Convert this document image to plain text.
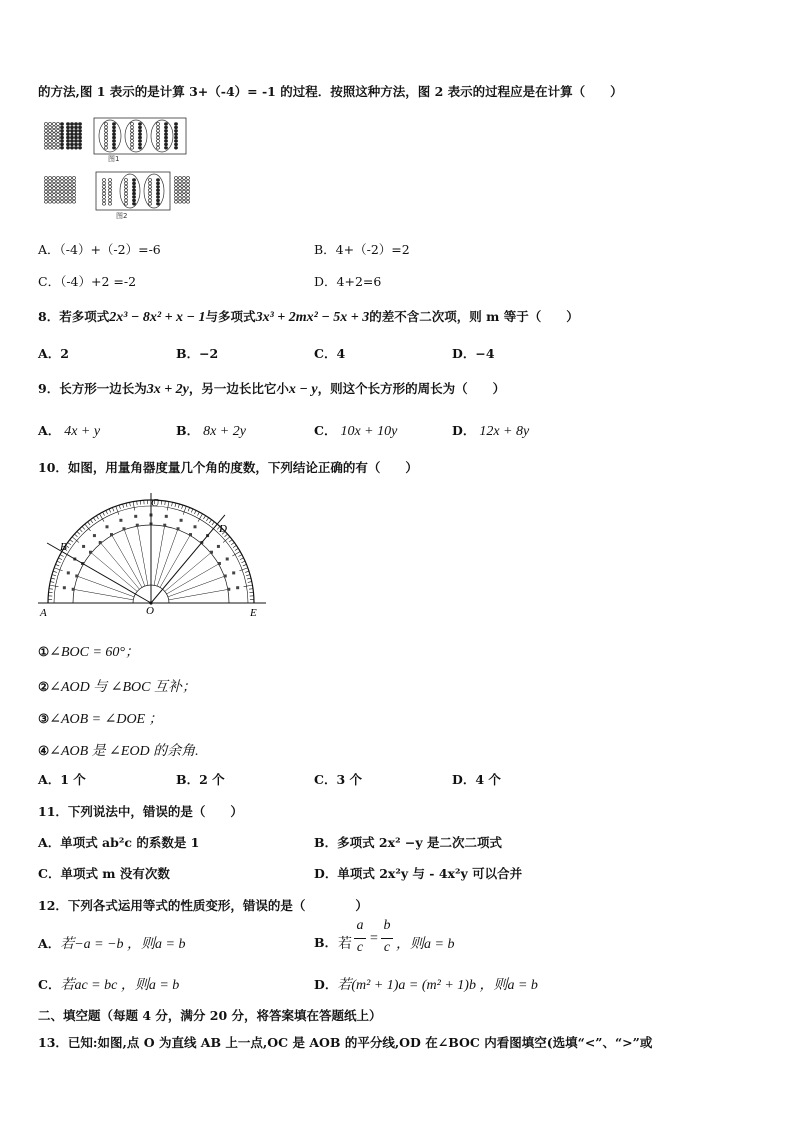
的方法,图 1 表示的是计算 3+（-4）= -1 的过程．按照这种方法，图 2 表示的过程应是在计算（　　）
图1
图2
A．（-4）+（-2）=-6	B．4+（-2）=2
C．（-4）+2 =-2	D．4+2=6
8．若多项式2x³ − 8x² + x − 1与多项式3x³ + 2mx² − 5x + 3的差不含二次项，则 m 等于（　　）
A．2	B．−2	C．4	D．−4
9．长方形一边长为3x + 2y，另一边长比它小x − y，则这个长方形的周长为（　　）
A． 4x + y	B． 8x + 2y	C． 10x + 10y	D． 12x + 8y
10．如图，用量角器度量几个角的度数，下列结论正确的有（　　）
A
B
C
D
O	E
①∠BOC = 60°；
②∠AOD 与 ∠BOC 互补；
③∠AOB = ∠DOE ；
④∠AOB 是 ∠EOD 的余角.
A．1 个	B．2 个	C．3 个	D．4 个
11．下列说法中，错误的是（　　）
A．单项式 ab²c 的系数是 1	B．多项式 2x² −y 是二次二项式
C．单项式 m 没有次数	D．单项式 2x²y 与 - 4x²y 可以合并
12．下列各式运用等式的性质变形，错误的是（　　　　）
A．若−a = −b ，则a = b	B． 若
a
c
=
b
c ，则a = b
C．若ac = bc ，则a = b	D．若(m² + 1)a = (m² + 1)b ，则a = b
二、填空题（每题 4 分，满分 20 分，将答案填在答题纸上）
13．已知:如图,点 O 为直线 AB 上一点,OC 是 AOB 的平分线,OD 在∠BOC 内看图填空(选填“<”、“>”或
